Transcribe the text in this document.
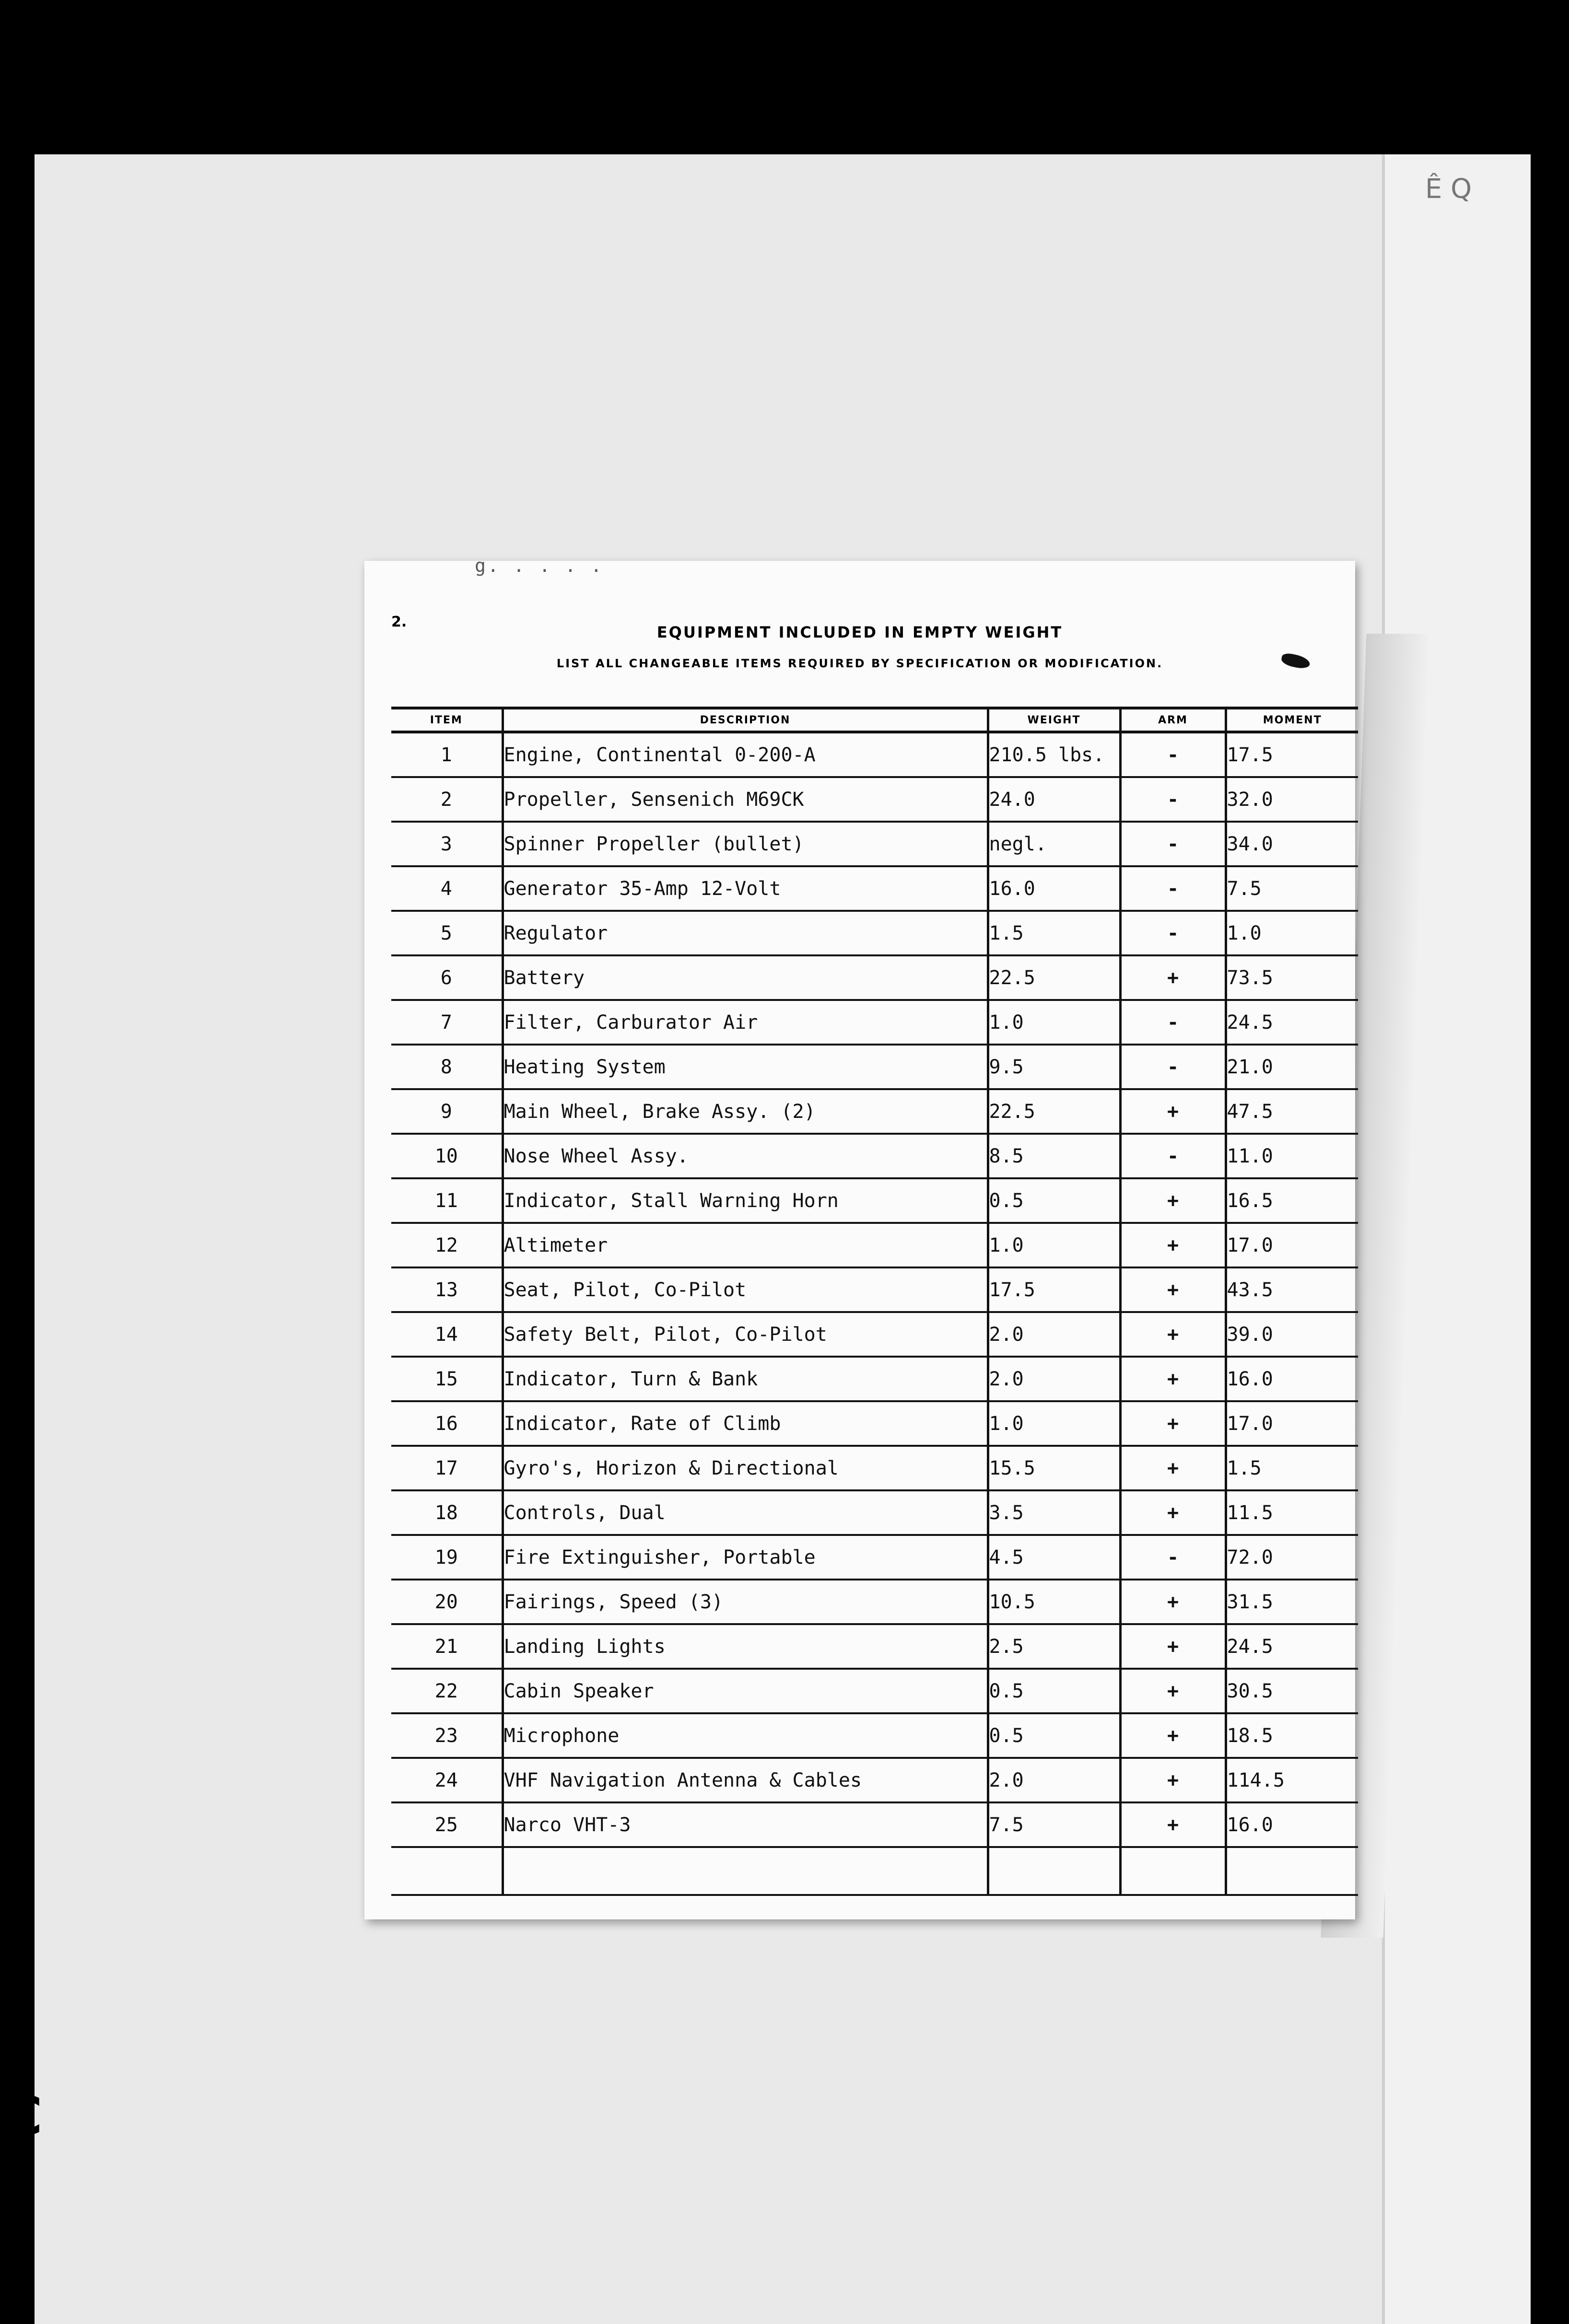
Ê Q
g. . . . .
2.
EQUIPMENT INCLUDED IN EMPTY WEIGHT
LIST ALL CHANGEABLE ITEMS REQUIRED BY SPECIFICATION OR MODIFICATION.
ITEM	DESCRIPTION	WEIGHT	ARM	MOMENT
1	Engine, Continental 0-200-A	210.5 lbs.	-	17.5
2	Propeller, Sensenich M69CK	24.0	-	32.0
3	Spinner Propeller (bullet)	negl.	-	34.0
4	Generator 35-Amp 12-Volt	16.0	-	7.5
5	Regulator	1.5	-	1.0
6	Battery	22.5	+	73.5
7	Filter, Carburator Air	1.0	-	24.5
8	Heating System	9.5	-	21.0
9	Main Wheel, Brake Assy. (2)	22.5	+	47.5
10	Nose Wheel Assy.	8.5	-	11.0
11	Indicator, Stall Warning Horn	0.5	+	16.5
12	Altimeter	1.0	+	17.0
13	Seat, Pilot, Co-Pilot	17.5	+	43.5
14	Safety Belt, Pilot, Co-Pilot	2.0	+	39.0
15	Indicator, Turn & Bank	2.0	+	16.0
16	Indicator, Rate of Climb	1.0	+	17.0
17	Gyro's, Horizon & Directional	15.5	+	1.5
18	Controls, Dual	3.5	+	11.5
19	Fire Extinguisher, Portable	4.5	-	72.0
20	Fairings, Speed (3)	10.5	+	31.5
21	Landing Lights	2.5	+	24.5
22	Cabin Speaker	0.5	+	30.5
23	Microphone	0.5	+	18.5
24	VHF Navigation Antenna & Cables	2.0	+	114.5
25	Narco VHT-3	7.5	+	16.0

C
